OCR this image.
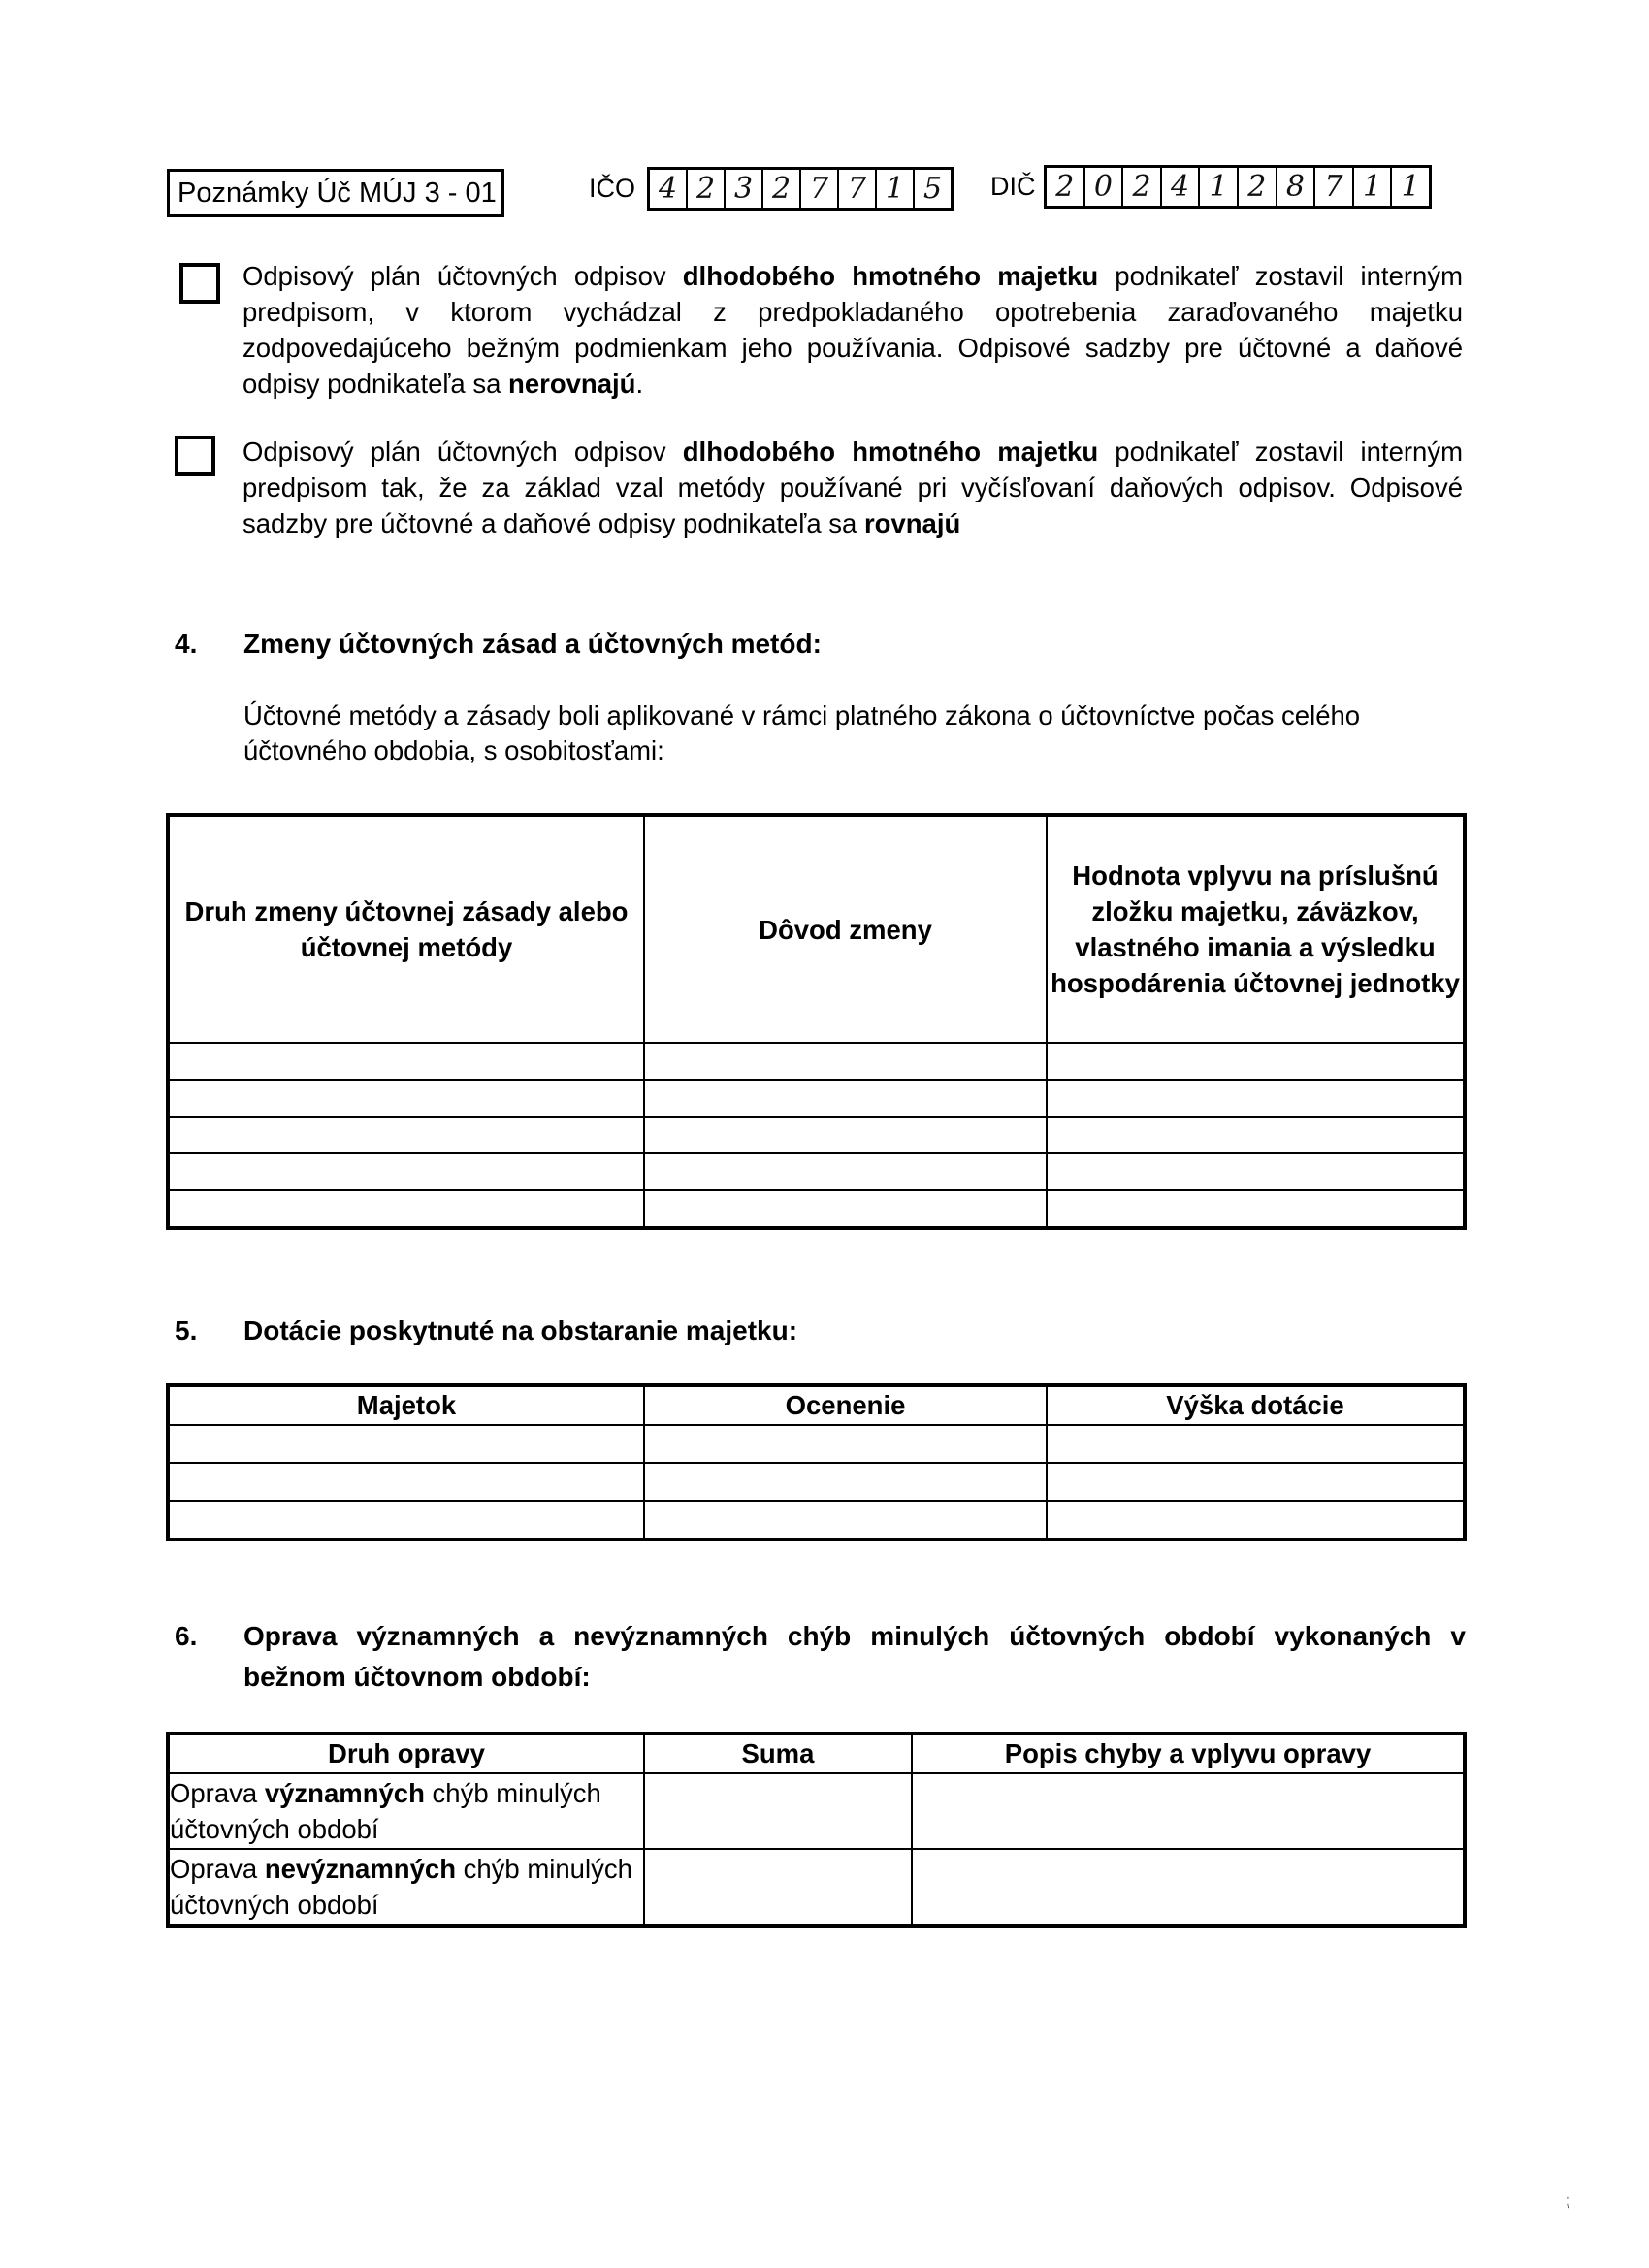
Poznámky Úč MÚJ 3 - 01	IČO 4 2 3 2 7 7 1 5	DIČ 2 0 2 4 1 2 8 7 1 1
Odpisový plán účtovných odpisov dlhodobého hmotného majetku podnikateľ zostavil interným predpisom, v ktorom vychádzal z predpokladaného opotrebenia zaraďovaného majetku zodpovedajúceho bežným podmienkam jeho používania. Odpisové sadzby pre účtovné a daňové odpisy podnikateľa sa nerovnajú.
Odpisový plán účtovných odpisov dlhodobého hmotného majetku podnikateľ zostavil interným predpisom tak, že za základ vzal metódy používané pri vyčísľovaní daňových odpisov. Odpisové sadzby pre účtovné a daňové odpisy podnikateľa sa rovnajú
4. Zmeny účtovných zásad a účtovných metód:
Účtovné metódy a zásady boli aplikované v rámci platného zákona o účtovníctve počas celého účtovného obdobia, s osobitosťami:
Druh zmeny účtovnej zásady alebo účtovnej metódy	Dôvod zmeny	Hodnota vplyvu na príslušnú zložku majetku, záväzkov, vlastného imania a výsledku hospodárenia účtovnej jednotky

5. Dotácie poskytnuté na obstaranie majetku:
Majetok	Ocenenie	Výška dotácie

6. Oprava významných a nevýznamných chýb minulých účtovných období vykonaných v bežnom účtovnom období:
Druh opravy	Suma	Popis chyby a vplyvu opravy
Oprava významných chýb minulých účtovných období		
Oprava nevýznamných chýb minulých účtovných období		
⁏
